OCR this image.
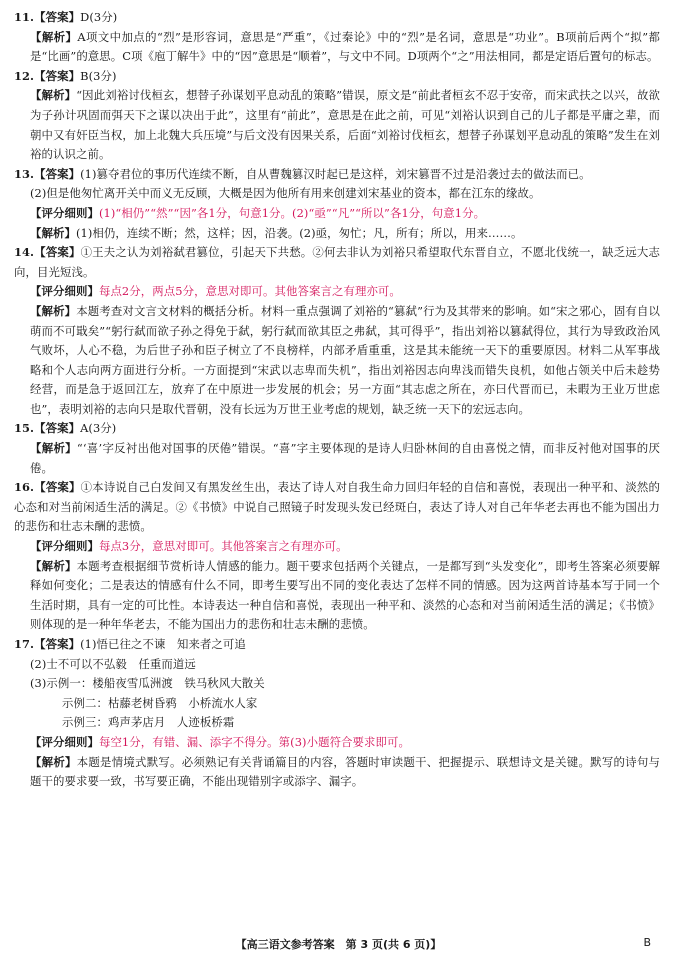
11.【答案】D(3分)
【解析】A项文中加点的“烈”是形容词，意思是“严重”，《过秦论》中的“烈”是名词，意思是“功业”。B项前后两个“拟”都是“比画”的意思。C项《庖丁解牛》中的“因”意思是“顺着”，与文中不同。D项两个“之”用法相同，都是定语后置句的标志。
12.【答案】B(3分)
【解析】“因此刘裕讨伐桓玄，想替子孙谋划平息动乱的策略”错误，原文是“前此者桓玄不忍于安帝，而宋武扶之以兴，故欲为子孙计巩固而弭天下之谋以决出于此”，这里有“前此”，意思是在此之前，可见“刘裕认识到自己的儿子都是平庸之辈，而朝中又有奸臣当权，加上北魏大兵压境”与后文没有因果关系，后面“刘裕讨伐桓玄，想替子孙谋划平息动乱的策略”发生在刘裕的认识之前。
13.【答案】(1)篡夺君位的事历代连续不断，自从曹魏篡汉时起已是这样，刘宋篡晋不过是沿袭过去的做法而已。
(2)但是他匆忙离开关中而义无反顾，大概是因为他所有用来创建刘宋基业的资本，都在江东的缘故。
【评分细则】(1)“相仍”“然”“因”各1分，句意1分。(2)“亟”“凡”“所以”各1分，句意1分。
【解析】(1)相仍，连续不断；然，这样；因，沿袭。(2)亟，匆忙；凡，所有；所以，用来……。
14.【答案】①王夫之认为刘裕弑君篡位，引起天下共愁。②何去非认为刘裕只希望取代东晋自立，不愿北伐统一，缺乏远大志向，目光短浅。
【评分细则】每点2分，两点5分，意思对即可。其他答案言之有理亦可。
【解析】本题考查对文言文材料的概括分析。材料一重点强调了刘裕的“篡弑”行为及其带来的影响。如“宋之邪心，固有自以萌而不可戢矣”“躬行弑而欲子孙之得免于弑，躬行弑而欲其臣之弗弑，其可得乎”，指出刘裕以篡弑得位，其行为导致政治风气败坏，人心不稳，为后世子孙和臣子树立了不良榜样，内部矛盾重重，这是其未能统一天下的重要原因。材料二从军事战略和个人志向两方面进行分析。一方面提到“宋武以志卑而失机”，指出刘裕因志向卑浅而错失良机，如他占领关中后未趁势经营，而是急于返回江左，放弃了在中原进一步发展的机会；另一方面“其志虑之所在，亦曰代晋而已，未暇为王业万世虑也”，表明刘裕的志向只是取代晋朝，没有长远为万世王业考虑的规划，缺乏统一天下的宏远志向。
15.【答案】A(3分)
【解析】“‘喜’字反衬出他对国事的厌倦”错误。“喜”字主要体现的是诗人归卧林间的自由喜悦之情，而非反衬他对国事的厌倦。
16.【答案】①本诗说自己白发间又有黑发丝生出，表达了诗人对自我生命力回归年轻的自信和喜悦，表现出一种平和、淡然的心态和对当前闲适生活的满足。②《书愤》中说自己照镜子时发现头发已经斑白，表达了诗人对自己年华老去再也不能为国出力的悲伤和壮志未酬的悲愤。
【评分细则】每点3分，意思对即可。其他答案言之有理亦可。
【解析】本题考查根据细节赏析诗人情感的能力。题干要求包括两个关键点，一是都写到“头发变化”，即考生答案必须要解释如何变化；二是表达的情感有什么不同，即考生要写出不同的变化表达了怎样不同的情感。因为这两首诗基本写于同一个生活时期，具有一定的可比性。本诗表达一种自信和喜悦，表现出一种平和、淡然的心态和对当前闲适生活的满足；《书愤》则体现的是一种年华老去，不能为国出力的悲伤和壮志未酬的悲愤。
17.【答案】(1)悟已往之不谏　知来者之可追
(2)士不可以不弘毅　任重而道远
(3)示例一：楼船夜雪瓜洲渡　铁马秋风大散关
示例二：枯藤老树昏鸦　小桥流水人家
示例三：鸡声茅店月　人迹板桥霜
【评分细则】每空1分，有错、漏、添字不得分。第(3)小题符合要求即可。
【解析】本题是情境式默写。必须熟记有关背诵篇目的内容，答题时审读题干、把握提示、联想诗文是关键。默写的诗句与题干的要求要一致，书写要正确，不能出现错别字或添字、漏字。
【高三语文参考答案　第 3 页(共 6 页)】	B
